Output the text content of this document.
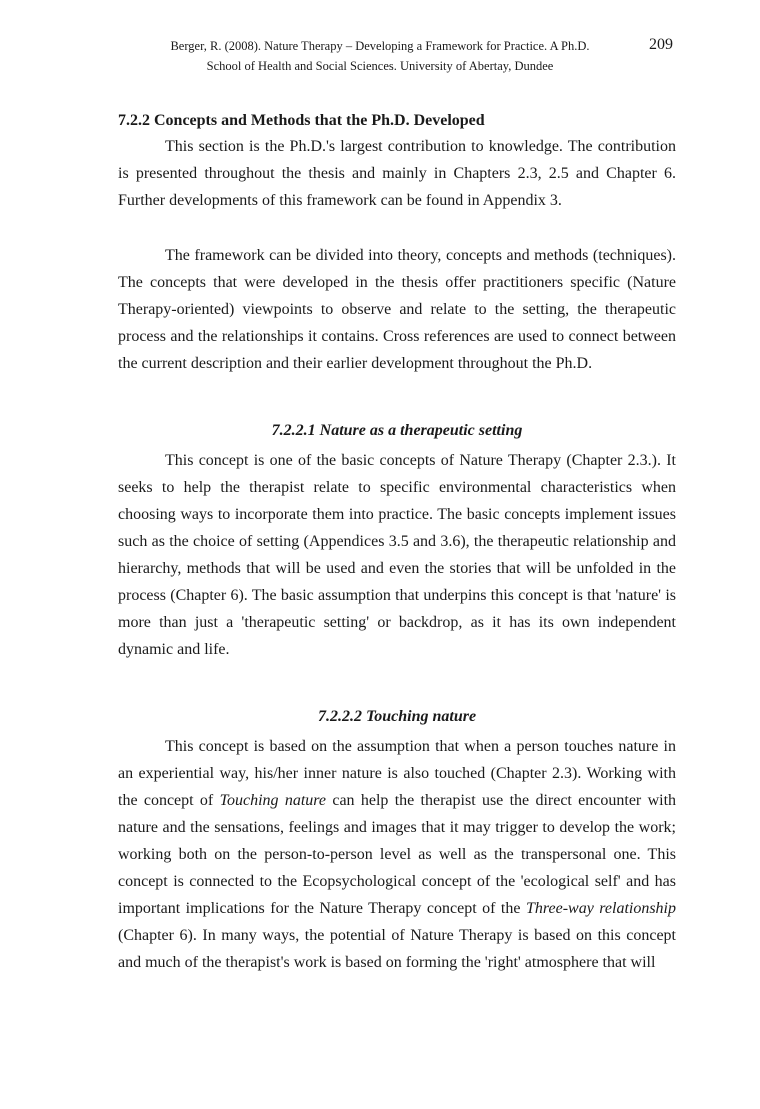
Berger, R. (2008). Nature Therapy – Developing a Framework for Practice. A Ph.D.
School of Health and Social Sciences. University of Abertay, Dundee
209
7.2.2 Concepts and Methods that the Ph.D. Developed

This section is the Ph.D.'s largest contribution to knowledge. The contribution is presented throughout the thesis and mainly in Chapters 2.3, 2.5 and Chapter 6. Further developments of this framework can be found in Appendix 3.

The framework can be divided into theory, concepts and methods (techniques). The concepts that were developed in the thesis offer practitioners specific (Nature Therapy-oriented) viewpoints to observe and relate to the setting, the therapeutic process and the relationships it contains. Cross references are used to connect between the current description and their earlier development throughout the Ph.D.

7.2.2.1 Nature as a therapeutic setting

This concept is one of the basic concepts of Nature Therapy (Chapter 2.3.). It seeks to help the therapist relate to specific environmental characteristics when choosing ways to incorporate them into practice. The basic concepts implement issues such as the choice of setting (Appendices 3.5 and 3.6), the therapeutic relationship and hierarchy, methods that will be used and even the stories that will be unfolded in the process (Chapter 6). The basic assumption that underpins this concept is that 'nature' is more than just a 'therapeutic setting' or backdrop, as it has its own independent dynamic and life.

7.2.2.2 Touching nature

This concept is based on the assumption that when a person touches nature in an experiential way, his/her inner nature is also touched (Chapter 2.3). Working with the concept of Touching nature can help the therapist use the direct encounter with nature and the sensations, feelings and images that it may trigger to develop the work; working both on the person-to-person level as well as the transpersonal one. This concept is connected to the Ecopsychological concept of the 'ecological self' and has important implications for the Nature Therapy concept of the Three-way relationship (Chapter 6). In many ways, the potential of Nature Therapy is based on this concept and much of the therapist's work is based on forming the 'right' atmosphere that will
